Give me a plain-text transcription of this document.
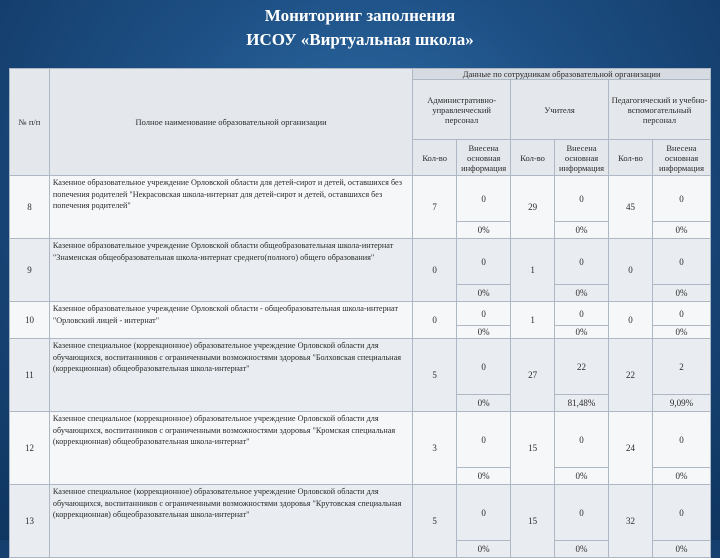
Мониторинг заполнения
ИСОУ «Виртуальная школа»
№ п/п	Полное наименование образовательной организации	Данные по сотрудникам образовательной организации					
		Административно-управленческий персонал		Учителя		Педагогический и учебно-вспомогательный персонал	
		Кол-во	Внесена основная информация	Кол-во	Внесена основная информация	Кол-во	Внесена основная информация
8	Казенное образовательное учреждение Орловской области для детей-сирот и детей, оставшихся без попечения родителей "Некрасовская школа-интернат для детей-сирот и детей, оставшихся без попечения родителей"	7	0	29	0	45	0
			0%		0%		0%
9	Казенное образовательное учреждение Орловской области общеобразовательная школа-интернат "Знаменская общеобразовательная школа-интернат среднего(полного) общего образования"	0	0	1	0	0	0
			0%		0%		0%
10	Казенное образовательное учреждение Орловской области - общеобразовательная школа-интернат "Орловский лицей - интернат"	0	0	1	0	0	0
			0%		0%		0%
11	Казенное специальное (коррекционное) образовательное учреждение Орловской области для обучающихся, воспитанников с ограниченными возможностями здоровья "Болховская специальная (коррекционная) общеобразовательная школа-интернат"	5	0	27	22	22	2
			0%		81,48%		9,09%
12	Казенное специальное (коррекционное) образовательное учреждение Орловской области для обучающихся, воспитанников с ограниченными возможностями здоровья "Кромская специальная (коррекционная) общеобразовательная школа-интернат"	3	0	15	0	24	0
			0%		0%		0%
13	Казенное специальное (коррекционное) образовательное учреждение Орловской области для обучающихся, воспитанников с ограниченными возможностями здоровья "Крутовская специальная (коррекционная) общеобразовательная школа-интернат"	5	0	15	0	32	0
			0%		0%		0%
